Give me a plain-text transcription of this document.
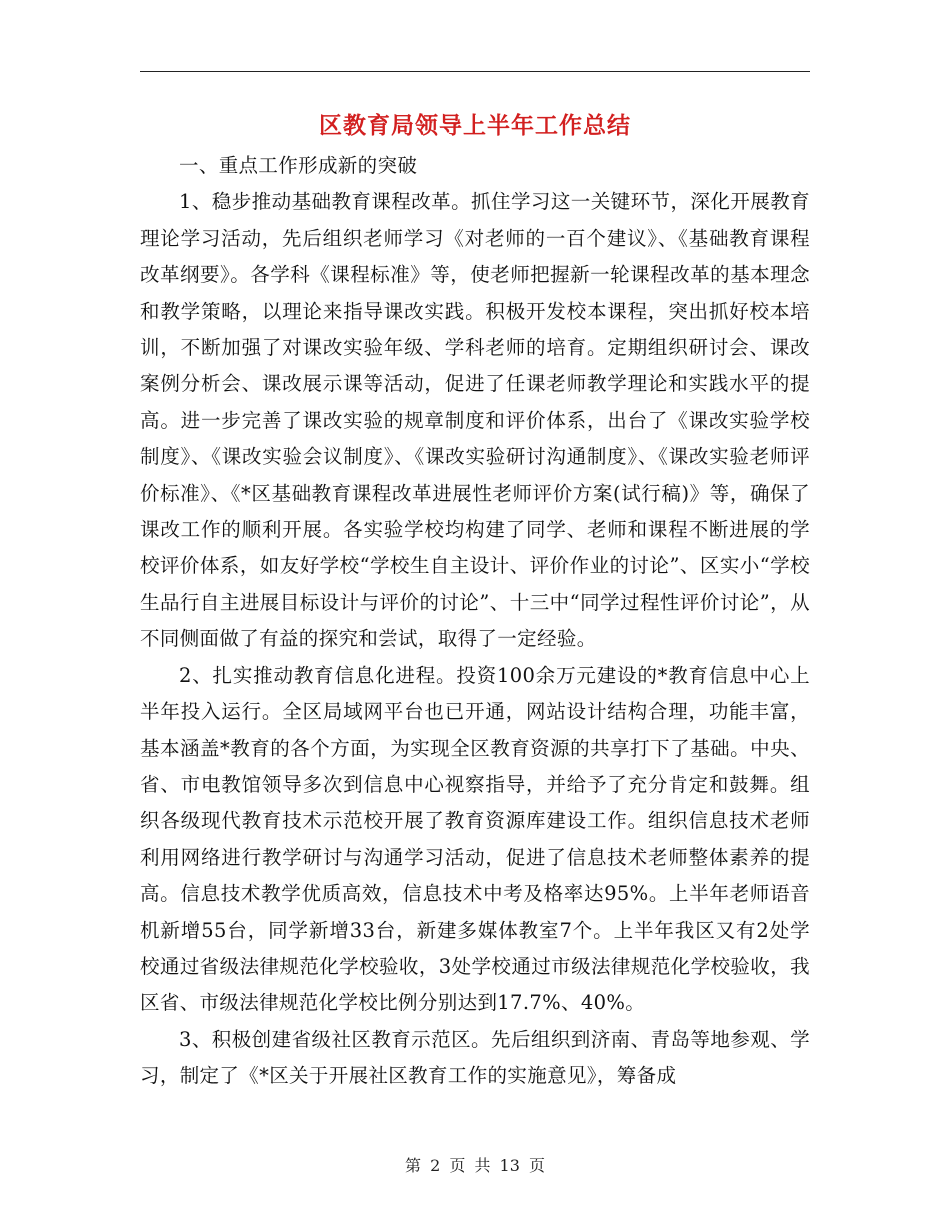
区教育局领导上半年工作总结

一、重点工作形成新的突破

1、稳步推动基础教育课程改革。抓住学习这一关键环节，深化开展教育理论学习活动，先后组织老师学习《对老师的一百个建议》、《基础教育课程改革纲要》。各学科《课程标准》等，使老师把握新一轮课程改革的基本理念和教学策略，以理论来指导课改实践。积极开发校本课程，突出抓好校本培训，不断加强了对课改实验年级、学科老师的培育。定期组织研讨会、课改案例分析会、课改展示课等活动，促进了任课老师教学理论和实践水平的提高。进一步完善了课改实验的规章制度和评价体系，出台了《课改实验学校制度》、《课改实验会议制度》、《课改实验研讨沟通制度》、《课改实验老师评价标准》、《*区基础教育课程改革进展性老师评价方案(试行稿)》等，确保了课改工作的顺利开展。各实验学校均构建了同学、老师和课程不断进展的学校评价体系，如友好学校“学校生自主设计、评价作业的讨论”、区实小“学校生品行自主进展目标设计与评价的讨论”、十三中“同学过程性评价讨论”，从不同侧面做了有益的探究和尝试，取得了一定经验。

2、扎实推动教育信息化进程。投资100余万元建设的*教育信息中心上半年投入运行。全区局域网平台也已开通，网站设计结构合理，功能丰富，基本涵盖*教育的各个方面，为实现全区教育资源的共享打下了基础。中央、省、市电教馆领导多次到信息中心视察指导，并给予了充分肯定和鼓舞。组织各级现代教育技术示范校开展了教育资源库建设工作。组织信息技术老师利用网络进行教学研讨与沟通学习活动，促进了信息技术老师整体素养的提高。信息技术教学优质高效，信息技术中考及格率达95%。上半年老师语音机新增55台，同学新增33台，新建多媒体教室7个。上半年我区又有2处学校通过省级法律规范化学校验收，3处学校通过市级法律规范化学校验收，我区省、市级法律规范化学校比例分别达到17.7%、40%。

3、积极创建省级社区教育示范区。先后组织到济南、青岛等地参观、学习，制定了《*区关于开展社区教育工作的实施意见》，筹备成

第 2 页 共 13 页
